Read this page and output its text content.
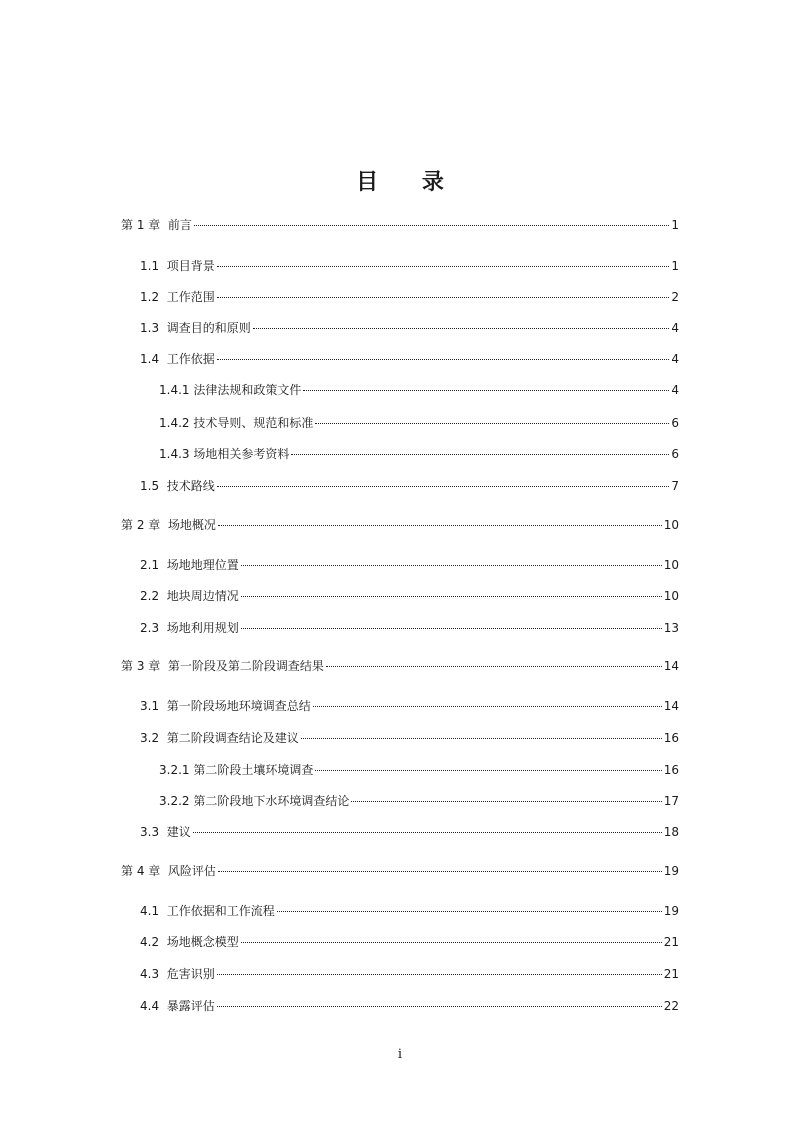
目 录
第 1 章 前言	1
1.1 项目背景	1
1.2 工作范围	2
1.3 调查目的和原则	4
1.4 工作依据	4
1.4.1 法律法规和政策文件	4
1.4.2 技术导则、规范和标准	6
1.4.3 场地相关参考资料	6
1.5 技术路线	7
第 2 章 场地概况	10
2.1 场地地理位置	10
2.2 地块周边情况	10
2.3 场地利用规划	13
第 3 章 第一阶段及第二阶段调查结果	14
3.1 第一阶段场地环境调查总结	14
3.2 第二阶段调查结论及建议	16
3.2.1 第二阶段土壤环境调查	16
3.2.2 第二阶段地下水环境调查结论	17
3.3 建议	18
第 4 章 风险评估	19
4.1 工作依据和工作流程	19
4.2 场地概念模型	21
4.3 危害识别	21
4.4 暴露评估	22
i
